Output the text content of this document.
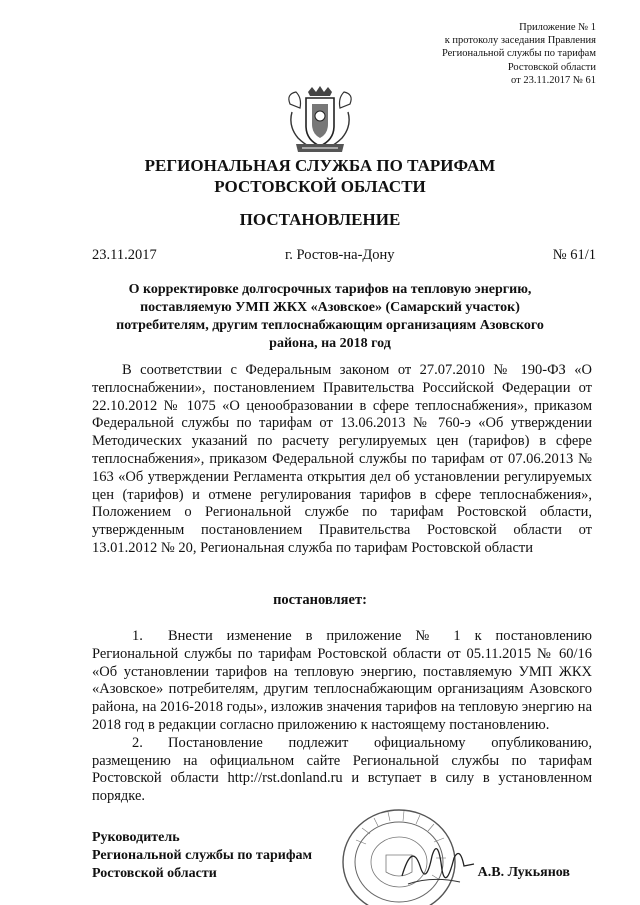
Приложение № 1
к протоколу заседания Правления
Региональной службы по тарифам
Ростовской области
от 23.11.2017 № 61
РЕГИОНАЛЬНАЯ СЛУЖБА ПО ТАРИФАМ
РОСТОВСКОЙ ОБЛАСТИ
ПОСТАНОВЛЕНИЕ
23.11.2017	г. Ростов-на-Дону	№ 61/1
О корректировке долгосрочных тарифов на тепловую энергию,
поставляемую УМП ЖКХ «Азовское» (Самарский участок)
потребителям, другим теплоснабжающим организациям Азовского
района, на 2018 год
В соответствии с Федеральным законом от 27.07.2010 № 190-ФЗ «О теплоснабжении», постановлением Правительства Российской Федерации от 22.10.2012 № 1075 «О ценообразовании в сфере теплоснабжения», приказом Федеральной службы по тарифам от 13.06.2013 № 760-э «Об утверждении Методических указаний по расчету регулируемых цен (тарифов) в сфере теплоснабжения», приказом Федеральной службы по тарифам от 07.06.2013 № 163 «Об утверждении Регламента открытия дел об установлении регулируемых цен (тарифов) и отмене регулирования тарифов в сфере теплоснабжения», Положением о Региональной службе по тарифам Ростовской области, утвержденным постановлением Правительства Ростовской области от 13.01.2012 № 20, Региональная служба по тарифам Ростовской области
постановляет:
1. Внести изменение в приложение № 1 к постановлению Региональной службы по тарифам Ростовской области от 05.11.2015 № 60/16 «Об установлении тарифов на тепловую энергию, поставляемую УМП ЖКХ «Азовское» потребителям, другим теплоснабжающим организациям Азовского района, на 2016-2018 годы», изложив значения тарифов на тепловую энергию на 2018 год в редакции согласно приложению к настоящему постановлению.
2. Постановление подлежит официальному опубликованию, размещению на официальном сайте Региональной службы по тарифам Ростовской области http://rst.donland.ru и вступает в силу в установленном порядке.
Руководитель
Региональной службы по тарифам
Ростовской области	А.В. Лукьянов
